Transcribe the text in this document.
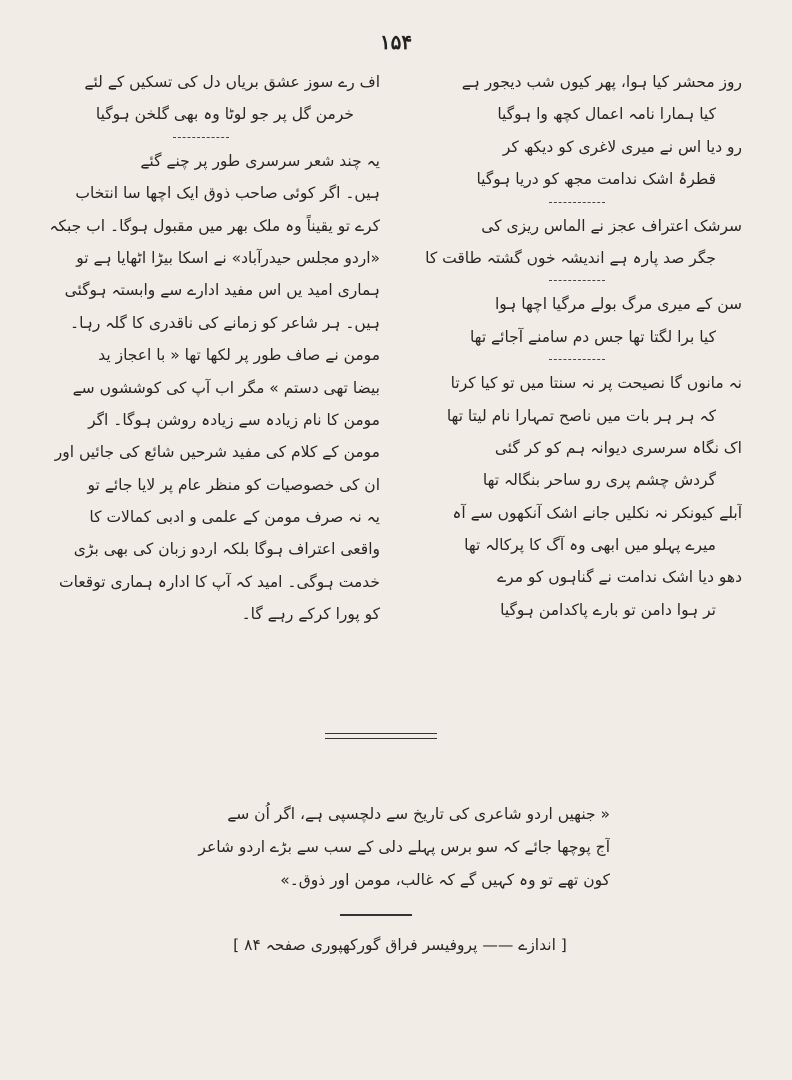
۱۵۴
روز محشر کیا ہوا، پھر کیوں شب دیجور ہے
کیا ہمارا نامہ اعمال کچھ وا ہوگیا
رو دیا اس نے میری لاغری کو دیکھ کر
قطرۂ اشک ندامت مجھ کو دریا ہوگیا
سرشک اعتراف عجز نے الماس ریزی کی
جگر صد پارہ ہے اندیشہ خوں گشتہ طاقت کا
سن کے میری مرگ بولے مرگیا اچھا ہوا
کیا برا لگتا تھا جس دم سامنے آجائے تھا
نہ مانوں گا نصیحت پر نہ سنتا میں تو کیا کرتا
کہ ہر ہر بات میں ناصح تمہارا نام لیتا تھا
اک نگاہ سرسری دیوانہ ہم کو کر گئی
گردش چشم پری رو ساحر بنگالہ تھا
آبلے کیونکر نہ نکلیں جانے اشک آنکھوں سے آہ
میرے پہلو میں ابھی وہ آگ کا پرکالہ تھا
دھو دیا اشک ندامت نے گناہوں کو مرے
تر ہوا دامن تو بارے پاکدامن ہوگیا
اف رے سوز عشق بریاں دل کی تسکیں کے لئے
خرمن گل پر جو لوٹا وہ بھی گلخن ہوگیا
یہ چند شعر سرسری طور پر چنے گئے
ہیں۔ اگر کوئی صاحب ذوق ایک اچھا سا انتخاب
کرے تو یقیناً وہ ملک بھر میں مقبول ہوگا۔ اب جبکہ
«اردو مجلس حیدرآباد» نے اسکا بیڑا اٹھایا ہے تو
ہماری امید یں اس مفید ادارے سے وابستہ ہوگئی
ہیں۔ ہر شاعر کو زمانے کی ناقدری کا گلہ رہا۔
مومن نے صاف طور پر لکھا تھا « با اعجاز ید
بیضا تھی دستم » مگر اب آپ کی کوششوں سے
مومن کا نام زیادہ سے زیادہ روشن ہوگا۔ اگر
مومن کے کلام کی مفید شرحیں شائع کی جائیں اور
ان کی خصوصیات کو منظر عام پر لایا جائے تو
یہ نہ صرف مومن کے علمی و ادبی کمالات کا
واقعی اعتراف ہوگا بلکہ اردو زبان کی بھی بڑی
خدمت ہوگی۔ امید کہ آپ کا ادارہ ہماری توقعات
کو پورا کرکے رہے گا۔
« جنھیں اردو شاعری کی تاریخ سے دلچسپی ہے، اگر اُن سے
آج پوچھا جائے کہ سو برس پہلے دلی کے سب سے بڑے اردو شاعر
کون تھے تو وہ کہیں گے کہ غالب، مومن اور ذوق۔»
[ اندازے —— پروفیسر فراق گورکھپوری صفحہ ۸۴ ]
